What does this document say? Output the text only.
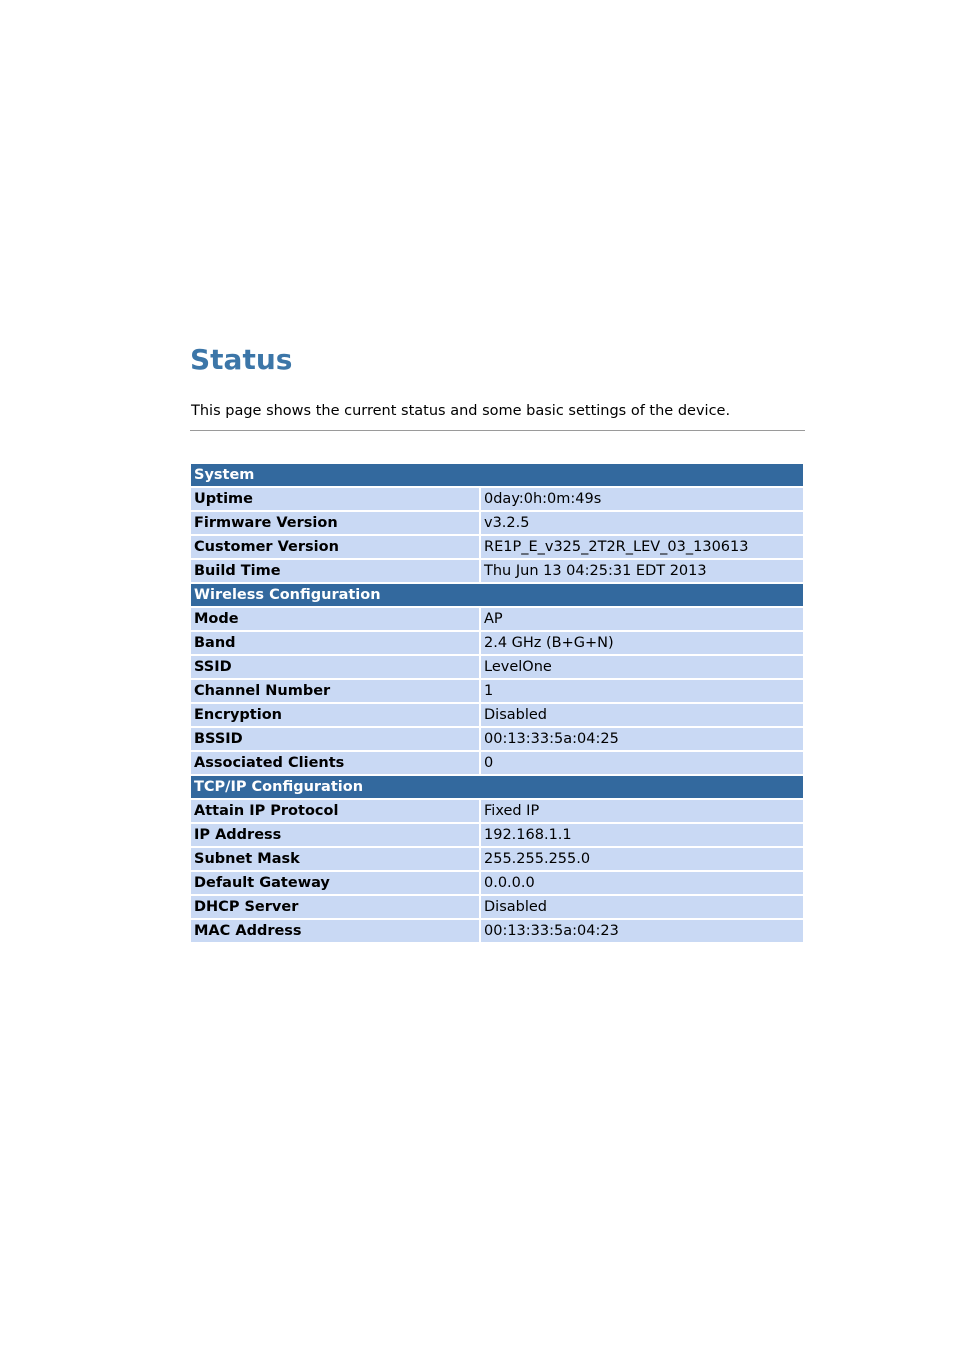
Status

This page shows the current status and some basic settings of the device.

System	
Uptime	0day:0h:0m:49s
Firmware Version	v3.2.5
Customer Version	RE1P_E_v325_2T2R_LEV_03_130613
Build Time	Thu Jun 13 04:25:31 EDT 2013
Wireless Configuration	
Mode	AP
Band	2.4 GHz (B+G+N)
SSID	LevelOne
Channel Number	1
Encryption	Disabled
BSSID	00:13:33:5a:04:25
Associated Clients	0
TCP/IP Configuration	
Attain IP Protocol	Fixed IP
IP Address	192.168.1.1
Subnet Mask	255.255.255.0
Default Gateway	0.0.0.0
DHCP Server	Disabled
MAC Address	00:13:33:5a:04:23
